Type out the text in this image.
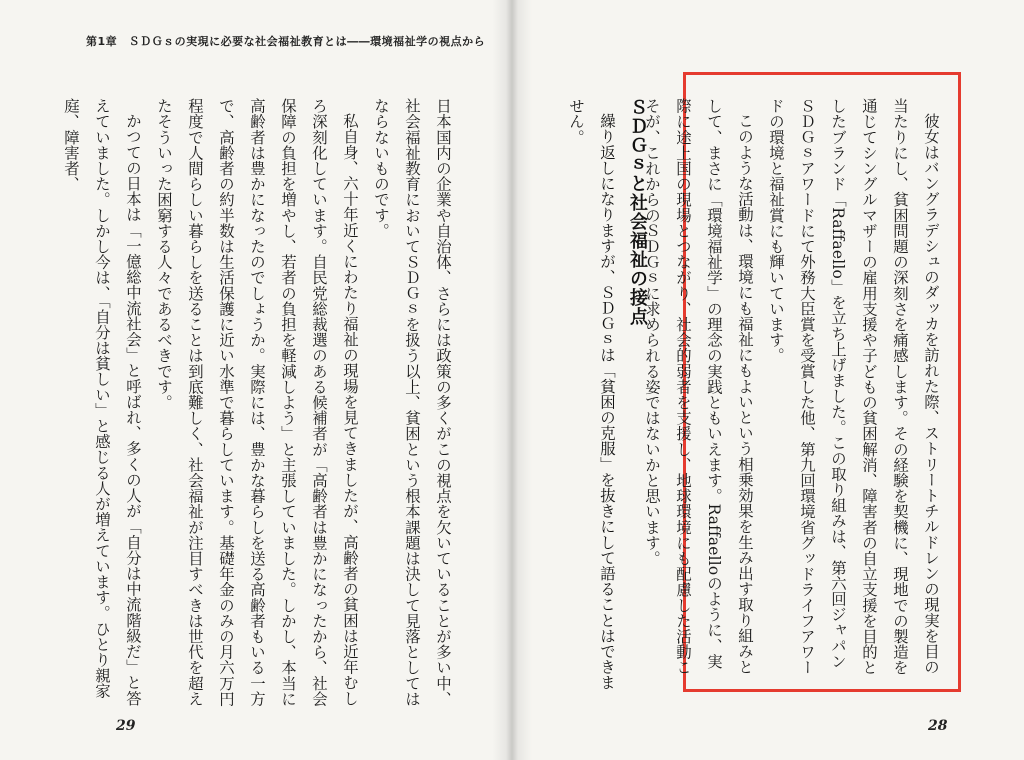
第1章　ＳＤＧｓの実現に必要な社会福祉教育とは――環境福祉学の視点から

日本国内の企業や自治体、さらには政策の多くがこの視点を欠いていることが多い中、社会福祉教育においてＳＤＧｓを扱う以上、貧困という根本課題は決して見落としてはならないものです。

私自身、六十年近くにわたり福祉の現場を見てきましたが、高齢者の貧困は近年むしろ深刻化しています。自民党総裁選のある候補者が「高齢者は豊かになったから、社会保障の負担を増やし、若者の負担を軽減しよう」と主張していました。しかし、本当に高齢者は豊かになったのでしょうか。実際には、豊かな暮らしを送る高齢者もいる一方で、高齢者の約半数は生活保護に近い水準で暮らしています。基礎年金のみの月六万円程度で人間らしい暮らしを送ることは到底難しく、社会福祉が注目すべきは世代を超えたそういった困窮する人々であるべきです。

かつての日本は「一億総中流社会」と呼ばれ、多くの人が「自分は中流階級だ」と答えていました。しかし今は、「自分は貧しい」と感じる人が増えています。ひとり親家庭、障害者、	ＳＤＧｓと社会福祉の接点

繰り返しになりますが、ＳＤＧｓは「貧困の克服」を抜きにして語ることはできません。	彼女はバングラデシュのダッカを訪れた際、ストリートチルドレンの現実を目の当たりにし、貧困問題の深刻さを痛感します。その経験を契機に、現地での製造を通じてシングルマザーの雇用支援や子どもの貧困解消、障害者の自立支援を目的としたブランド「Raffaello」を立ち上げました。この取り組みは、第六回ジャパンＳＤＧｓアワードにて外務大臣賞を受賞した他、第九回環境省グッドライフアワードの環境と福祉賞にも輝いています。

このような活動は、環境にも福祉にもよいという相乗効果を生み出す取り組みとして、まさに「環境福祉学」の理念の実践ともいえます。Raffaelloのように、実際に途上国の現場とつながり、社会的弱者を支援し、地球環境にも配慮した活動こそが、これからのＳＤＧｓに求められる姿ではないかと思います。

29	28
